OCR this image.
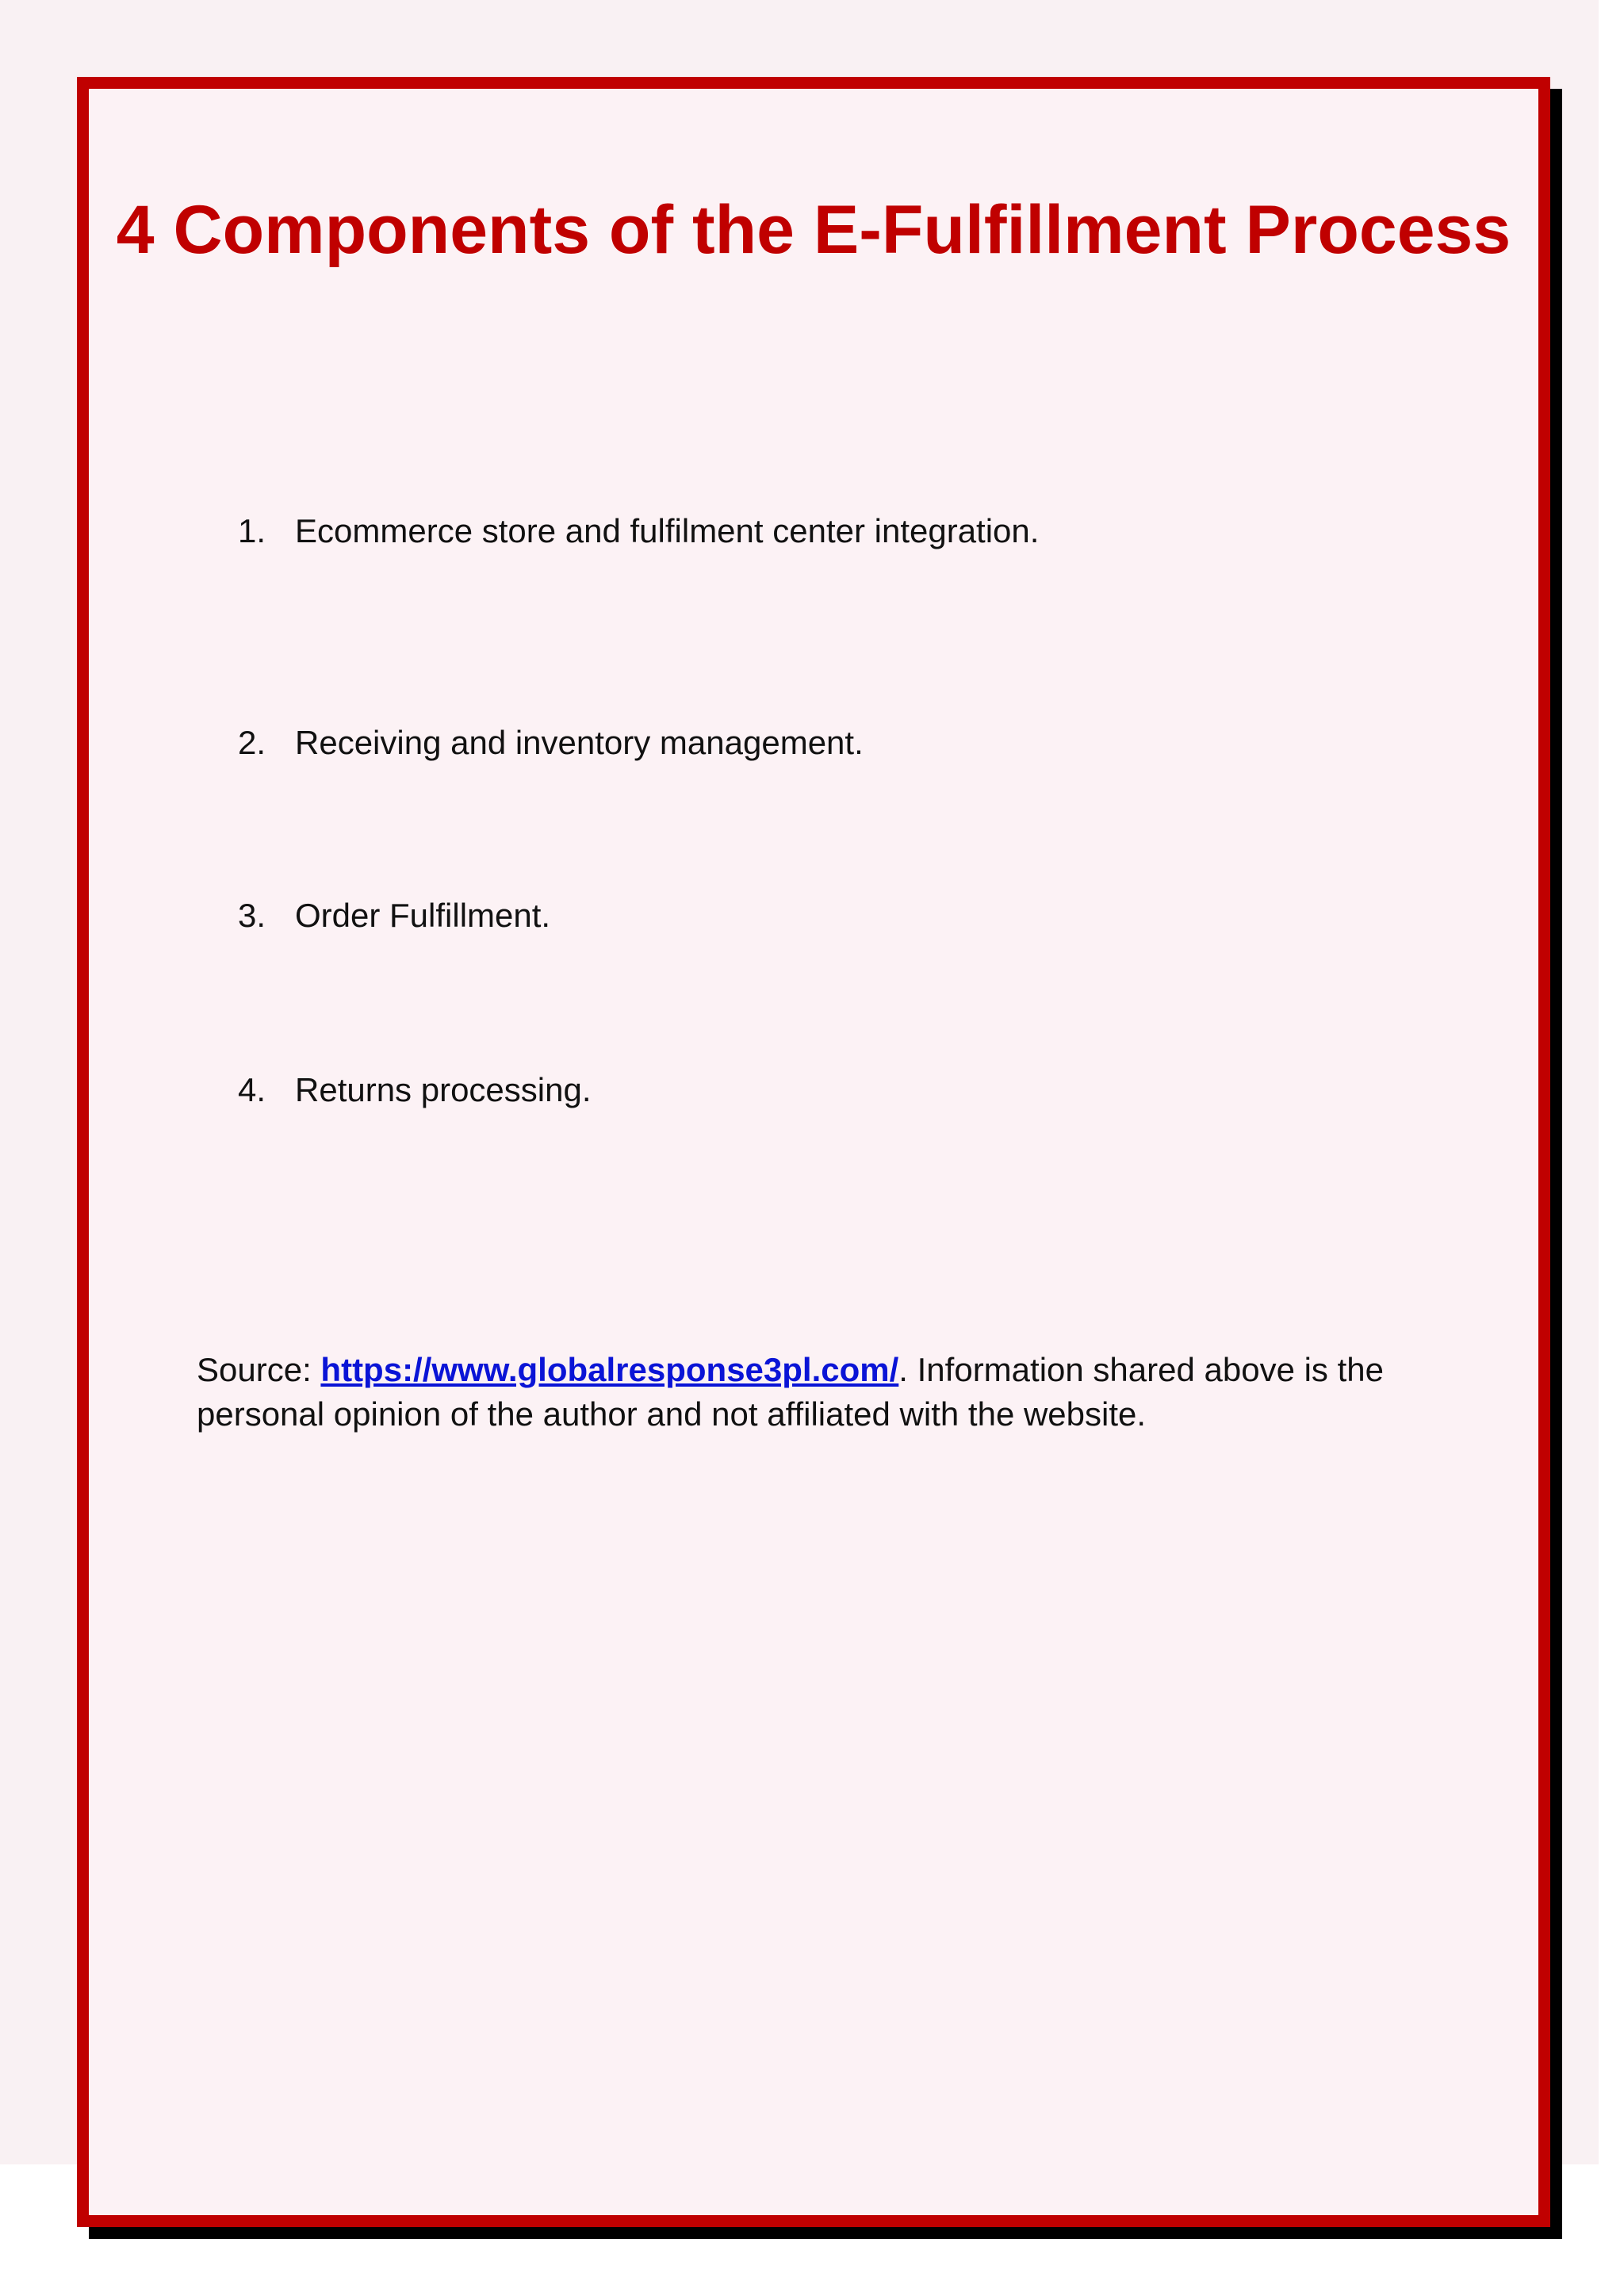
4 Components of the E-Fulfillment Process
1. Ecommerce store and fulfilment center integration.
2. Receiving and inventory management.
3. Order Fulfillment.
4. Returns processing.

Source: https://www.globalresponse3pl.com/. Information shared above is the personal opinion of the author and not affiliated with the website.
